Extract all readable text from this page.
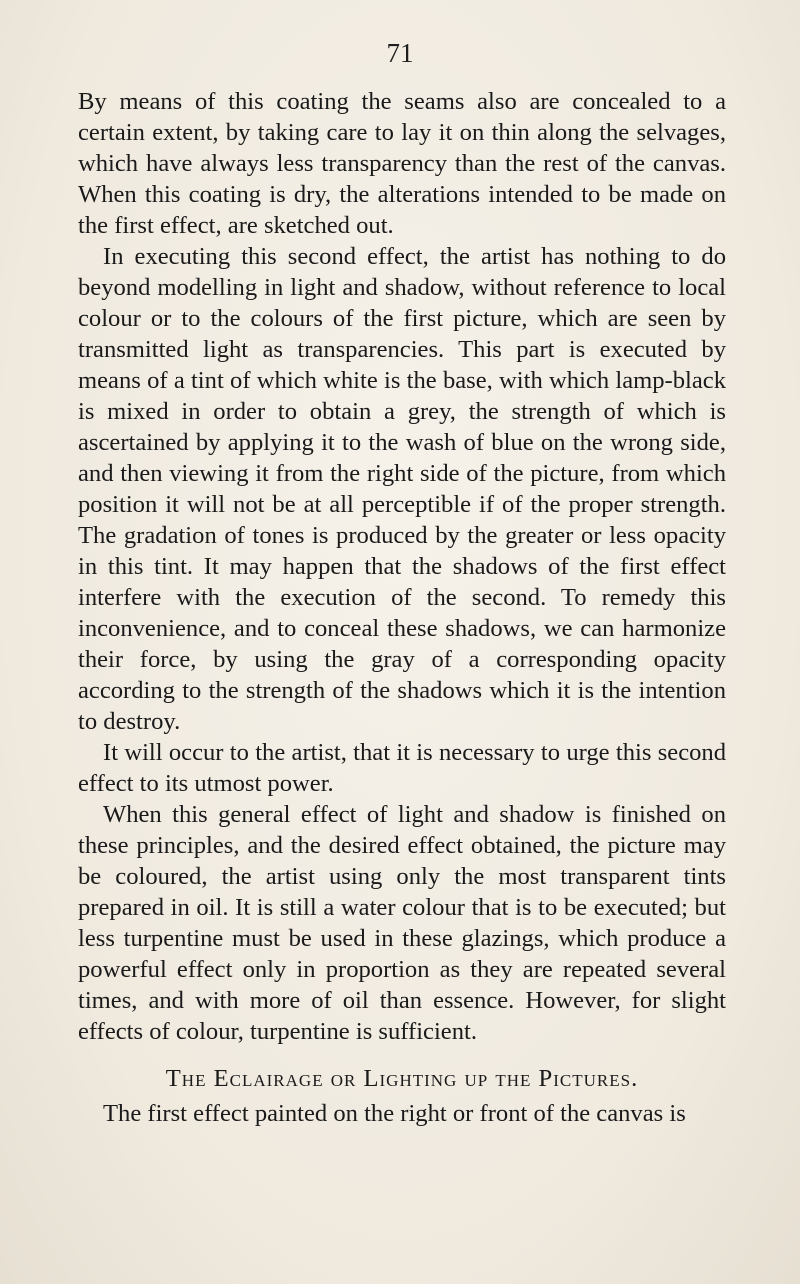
71

By means of this coating the seams also are concealed to a certain extent, by taking care to lay it on thin along the selvages, which have always less transparency than the rest of the canvas. When this coating is dry, the alterations intended to be made on the first effect, are sketched out.

In executing this second effect, the artist has nothing to do beyond modelling in light and shadow, without reference to local colour or to the colours of the first picture, which are seen by transmitted light as transparencies. This part is executed by means of a tint of which white is the base, with which lamp-black is mixed in order to obtain a grey, the strength of which is ascertained by applying it to the wash of blue on the wrong side, and then viewing it from the right side of the picture, from which position it will not be at all perceptible if of the proper strength. The gradation of tones is produced by the greater or less opacity in this tint. It may happen that the shadows of the first effect interfere with the execution of the second. To remedy this inconvenience, and to conceal these shadows, we can harmonize their force, by using the gray of a corresponding opacity according to the strength of the shadows which it is the intention to destroy.

It will occur to the artist, that it is necessary to urge this second effect to its utmost power.

When this general effect of light and shadow is finished on these principles, and the desired effect obtained, the picture may be coloured, the artist using only the most transparent tints prepared in oil. It is still a water colour that is to be executed; but less turpentine must be used in these glazings, which produce a powerful effect only in proportion as they are repeated several times, and with more of oil than essence. However, for slight effects of colour, turpentine is sufficient.

The Eclairage or Lighting up the Pictures.

The first effect painted on the right or front of the canvas is
